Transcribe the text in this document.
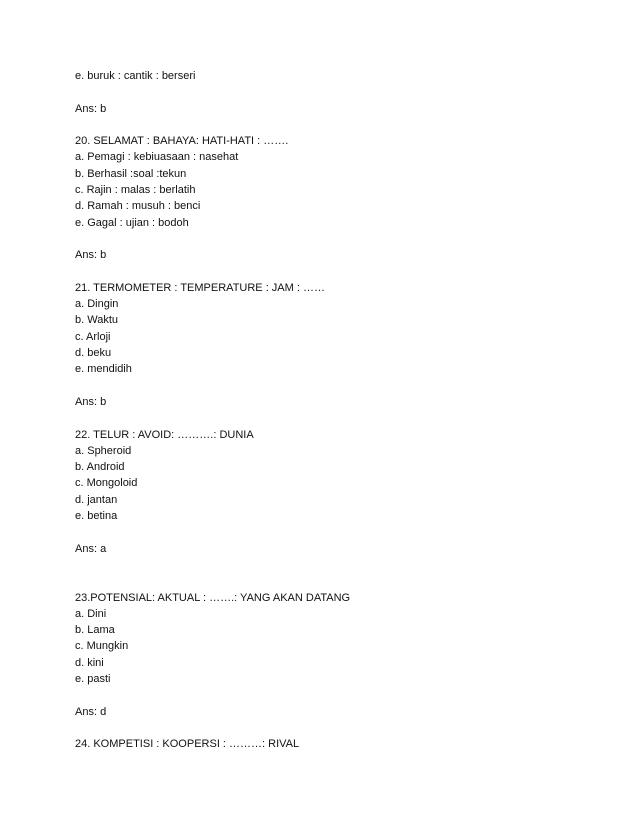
e. buruk : cantik : berseri
Ans: b
20. SELAMAT : BAHAYA: HATI-HATI : …….
a. Pemagi : kebiuasaan : nasehat
b. Berhasil :soal :tekun
c. Rajin : malas : berlatih
d. Ramah : musuh : benci
e. Gagal : ujian : bodoh
Ans: b
21. TERMOMETER : TEMPERATURE : JAM : ……
a. Dingin
b. Waktu
c. Arloji
d. beku
e. mendidih
Ans: b
22. TELUR : AVOID: ……….: DUNIA
a. Spheroid
b. Android
c. Mongoloid
d. jantan
e. betina
Ans: a
23.POTENSIAL: AKTUAL : …….: YANG AKAN DATANG
a. Dini
b. Lama
c. Mungkin
d. kini
e. pasti
Ans: d
24. KOMPETISI : KOOPERSI : ………: RIVAL
